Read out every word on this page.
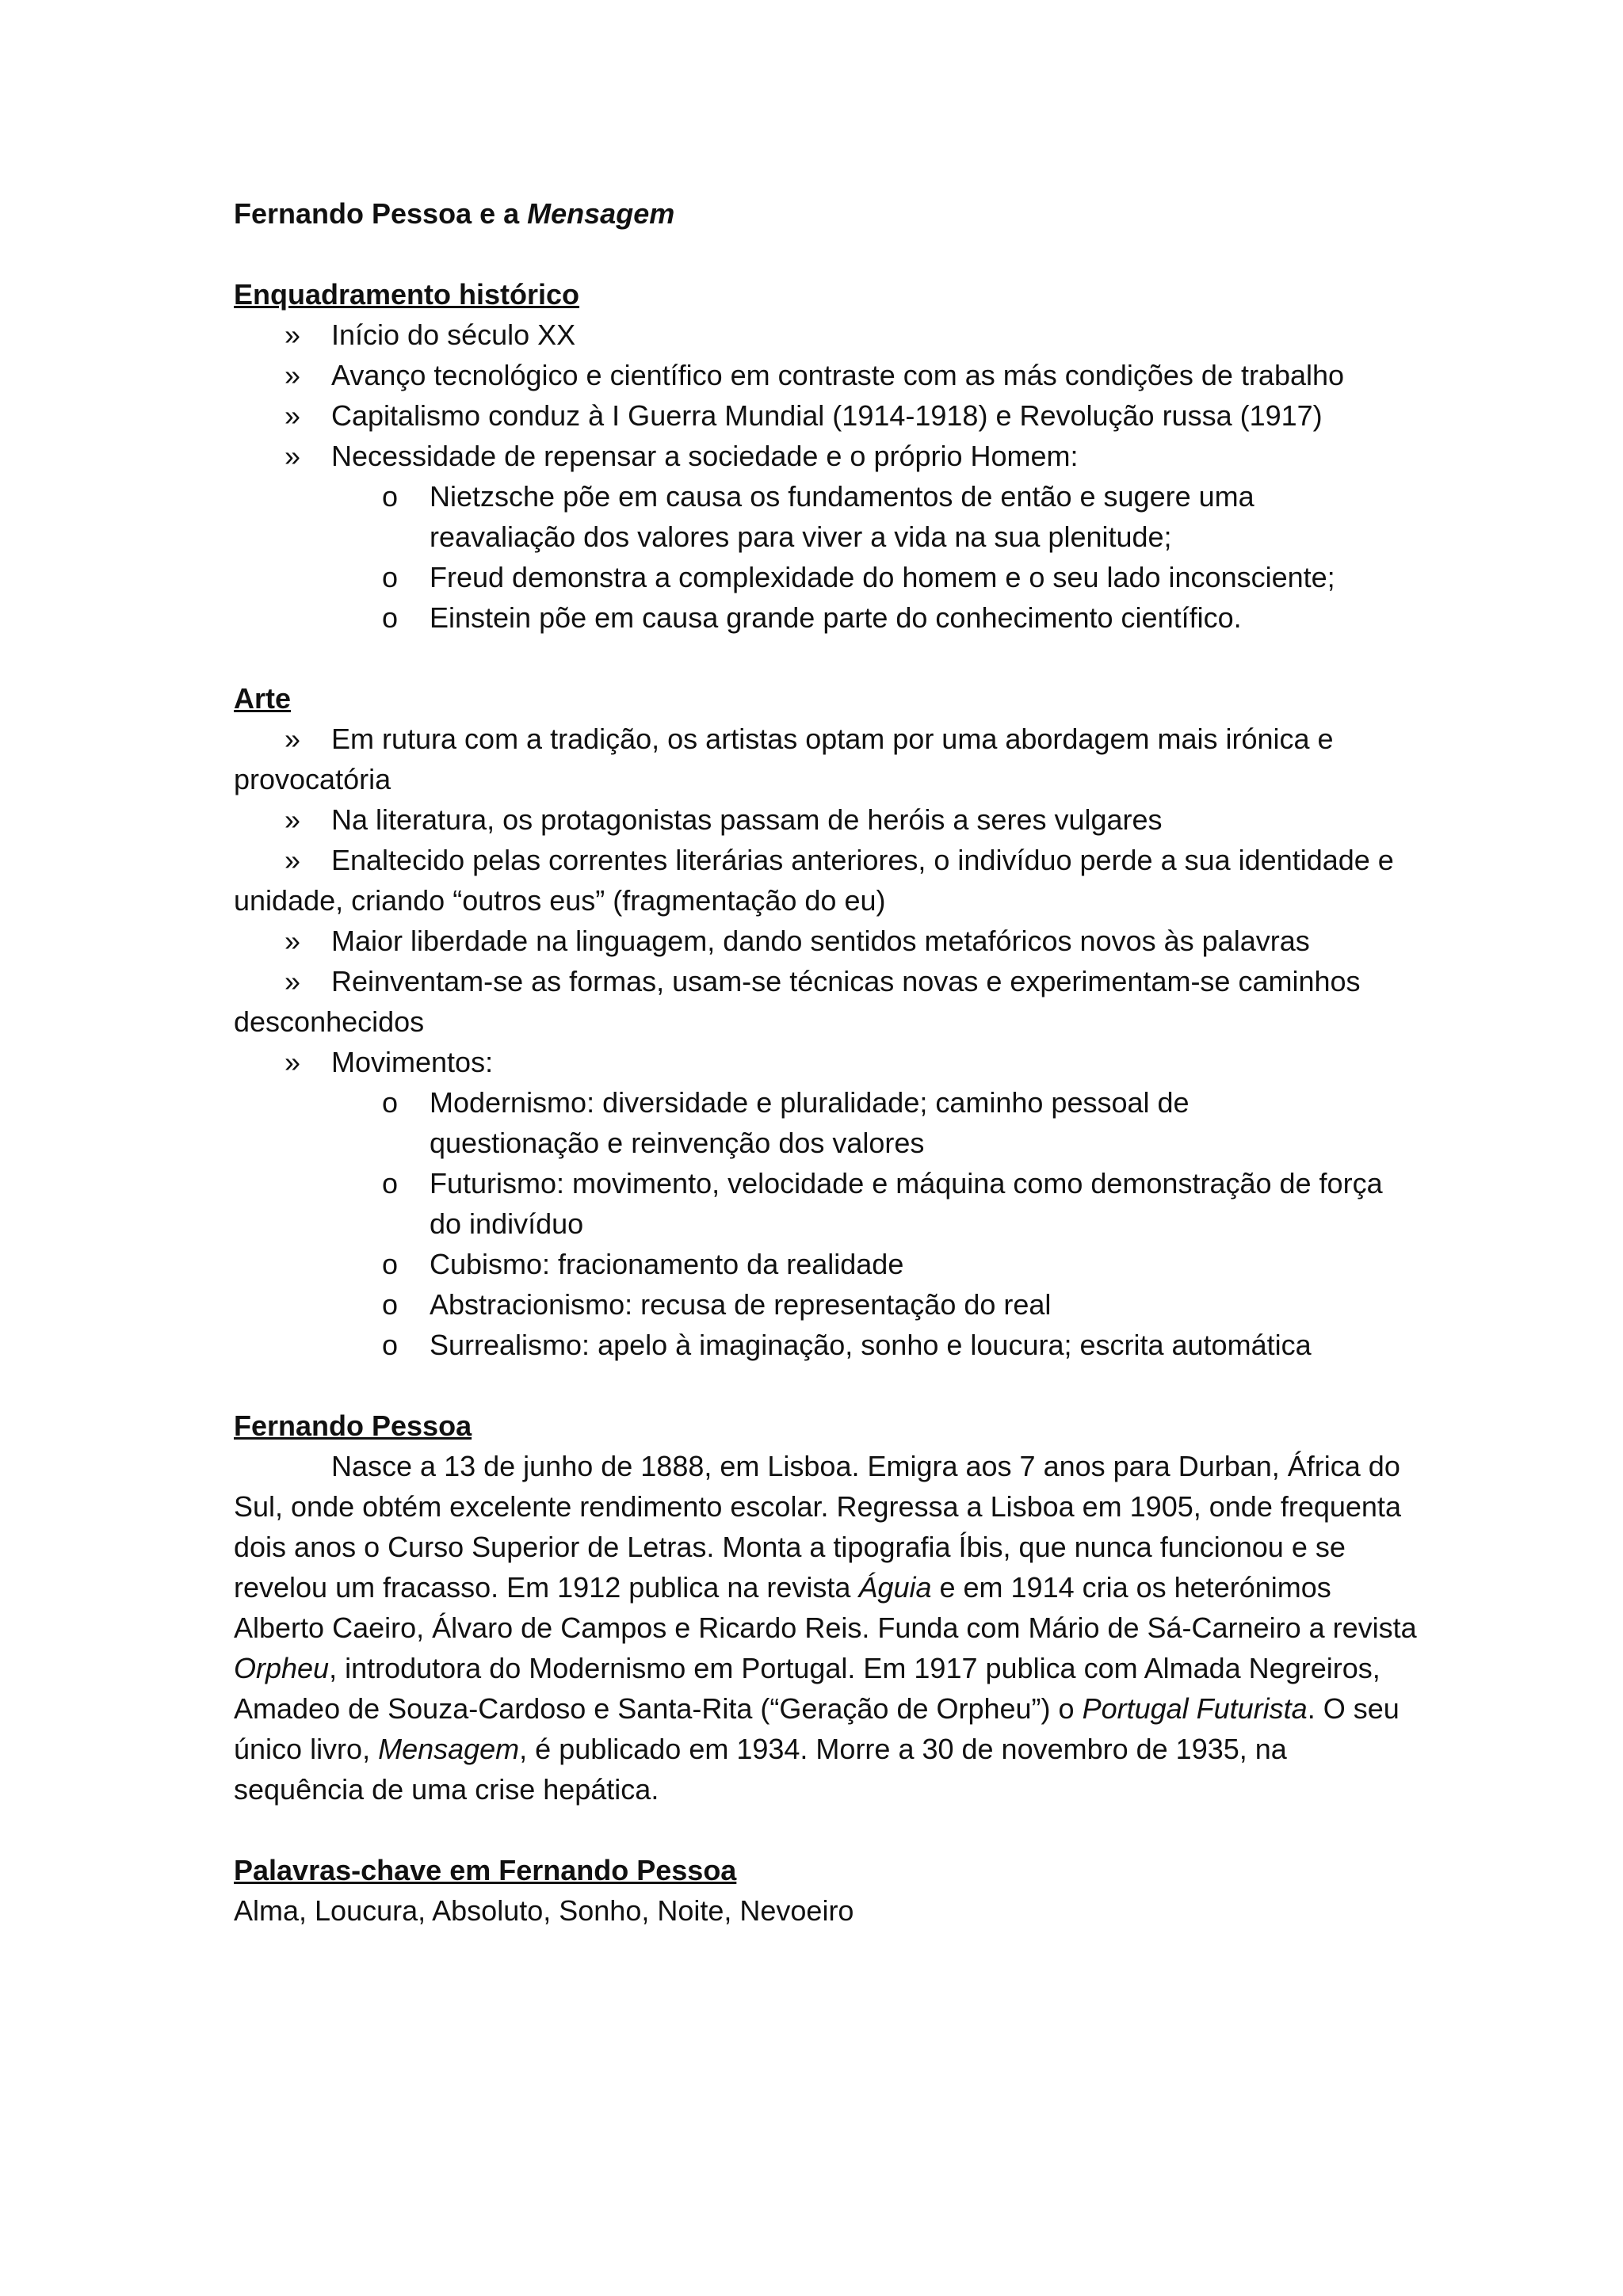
Fernando Pessoa e a Mensagem

Enquadramento histórico

» Início do século XX

» Avanço tecnológico e científico em contraste com as más condições de trabalho

» Capitalismo conduz à I Guerra Mundial (1914-1918) e Revolução russa (1917)

» Necessidade de repensar a sociedade e o próprio Homem:

o Nietzsche põe em causa os fundamentos de então e sugere uma reavaliação dos valores para viver a vida na sua plenitude;

o Freud demonstra a complexidade do homem e o seu lado inconsciente;

o Einstein põe em causa grande parte do conhecimento científico.

Arte

» Em rutura com a tradição, os artistas optam por uma abordagem mais irónica e provocatória

» Na literatura, os protagonistas passam de heróis a seres vulgares

» Enaltecido pelas correntes literárias anteriores, o indivíduo perde a sua identidade e unidade, criando “outros eus” (fragmentação do eu)

» Maior liberdade na linguagem, dando sentidos metafóricos novos às palavras

» Reinventam-se as formas, usam-se técnicas novas e experimentam-se caminhos desconhecidos

» Movimentos:

o Modernismo: diversidade e pluralidade; caminho pessoal de questionação e reinvenção dos valores

o Futurismo: movimento, velocidade e máquina como demonstração de força do indivíduo

o Cubismo: fracionamento da realidade

o Abstracionismo: recusa de representação do real

o Surrealismo: apelo à imaginação, sonho e loucura; escrita automática

Fernando Pessoa

Nasce a 13 de junho de 1888, em Lisboa. Emigra aos 7 anos para Durban, África do Sul, onde obtém excelente rendimento escolar. Regressa a Lisboa em 1905, onde frequenta dois anos o Curso Superior de Letras. Monta a tipografia Íbis, que nunca funcionou e se revelou um fracasso. Em 1912 publica na revista Águia e em 1914 cria os heterónimos Alberto Caeiro, Álvaro de Campos e Ricardo Reis. Funda com Mário de Sá-Carneiro a revista Orpheu, introdutora do Modernismo em Portugal. Em 1917 publica com Almada Negreiros, Amadeo de Souza-Cardoso e Santa-Rita (“Geração de Orpheu”) o Portugal Futurista. O seu único livro, Mensagem, é publicado em 1934. Morre a 30 de novembro de 1935, na sequência de uma crise hepática.

Palavras-chave em Fernando Pessoa

Alma, Loucura, Absoluto, Sonho, Noite, Nevoeiro
